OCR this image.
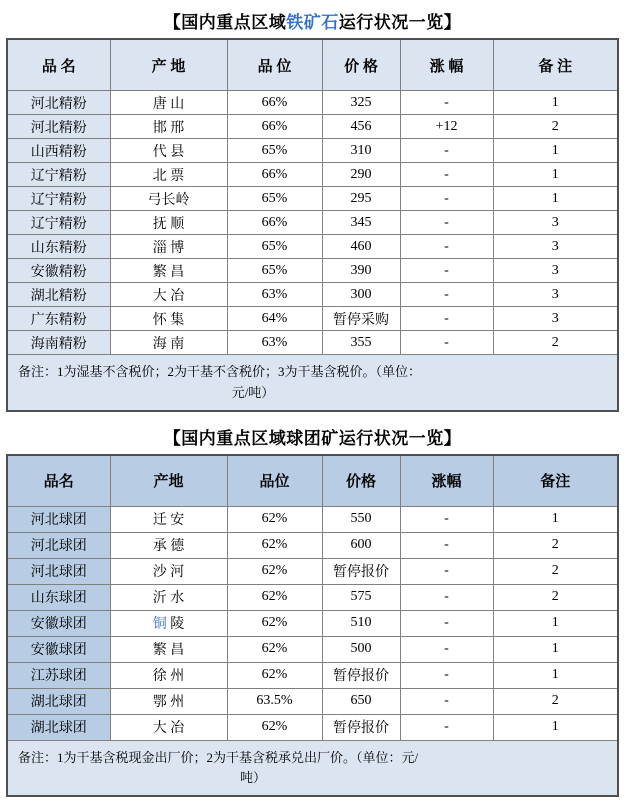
【国内重点区域铁矿石运行状况一览】
品 名	产 地	品 位	价 格	涨 幅	备 注
河北精粉	唐 山	66%	325	-	1
河北精粉	邯 邢	66%	456	+12	2
山西精粉	代 县	65%	310	-	1
辽宁精粉	北 票	66%	290	-	1
辽宁精粉	弓长岭	65%	295	-	1
辽宁精粉	抚 顺	66%	345	-	3
山东精粉	淄 博	65%	460	-	3
安徽精粉	繁 昌	65%	390	-	3
湖北精粉	大 冶	63%	300	-	3
广东精粉	怀 集	64%	暂停采购	-	3
海南精粉	海 南	63%	355	-	2

备注：1为湿基不含税价；2为干基不含税价；3为干基含税价。（单位：
元/吨）					
【国内重点区域球团矿运行状况一览】
品名	产地	品位	价格	涨幅	备注
河北球团	迁 安	62%	550	-	1
河北球团	承 德	62%	600	-	2
河北球团	沙 河	62%	暂停报价	-	2
山东球团	沂 水	62%	575	-	2
安徽球团	铜 陵	62%	510	-	1
安徽球团	繁 昌	62%	500	-	1
江苏球团	徐 州	62%	暂停报价	-	1
湖北球团	鄂 州	63.5%	650	-	2
湖北球团	大 冶	62%	暂停报价	-	1

备注：1为干基含税现金出厂价；2为干基含税承兑出厂价。（单位：元/
吨）					
